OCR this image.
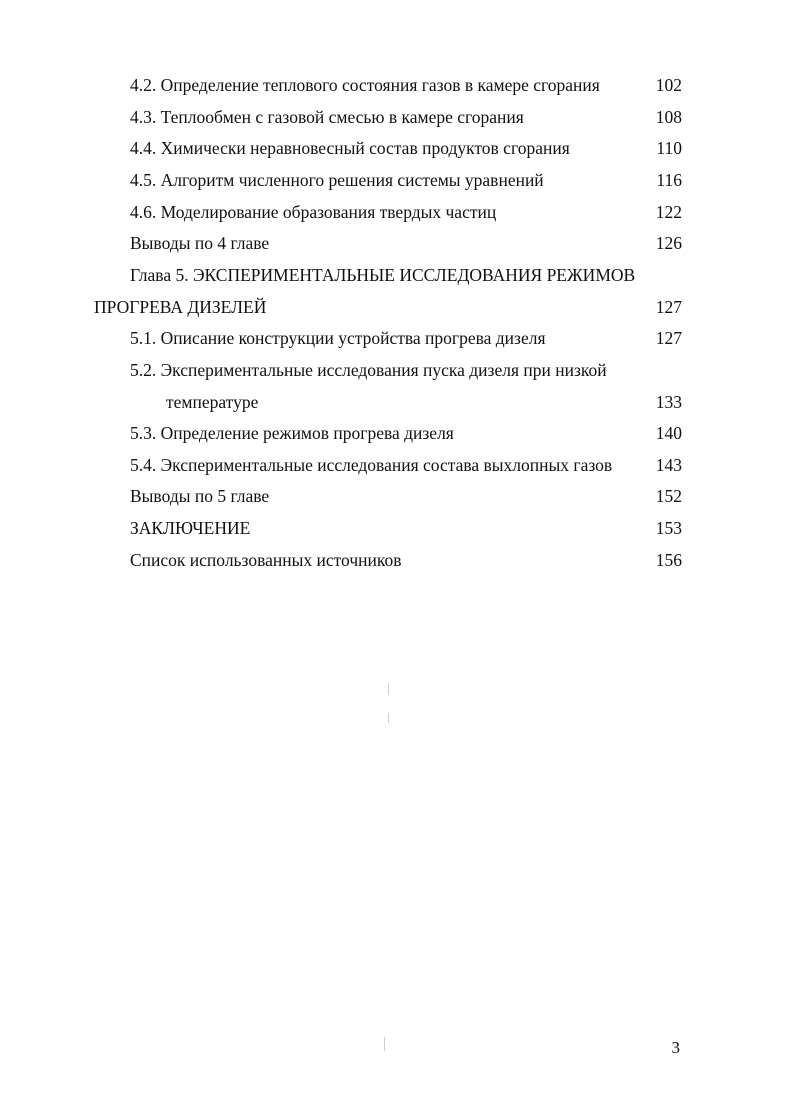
4.2. Определение теплового состояния газов в камере сгорания	102
4.3. Теплообмен с газовой смесью в камере сгорания	108
4.4. Химически неравновесный состав продуктов сгорания	110
4.5. Алгоритм численного решения системы уравнений	116
4.6. Моделирование образования твердых частиц	122
Выводы по 4 главе	126
Глава 5. ЭКСПЕРИМЕНТАЛЬНЫЕ ИССЛЕДОВАНИЯ РЕЖИМОВ
ПРОГРЕВА ДИЗЕЛЕЙ	127
5.1. Описание конструкции устройства прогрева дизеля	127
5.2. Экспериментальные исследования пуска дизеля при низкой
температуре	133
5.3. Определение режимов прогрева дизеля	140
5.4. Экспериментальные исследования состава выхлопных газов	143
Выводы по 5 главе	152
ЗАКЛЮЧЕНИЕ	153
Список использованных источников	156
3
